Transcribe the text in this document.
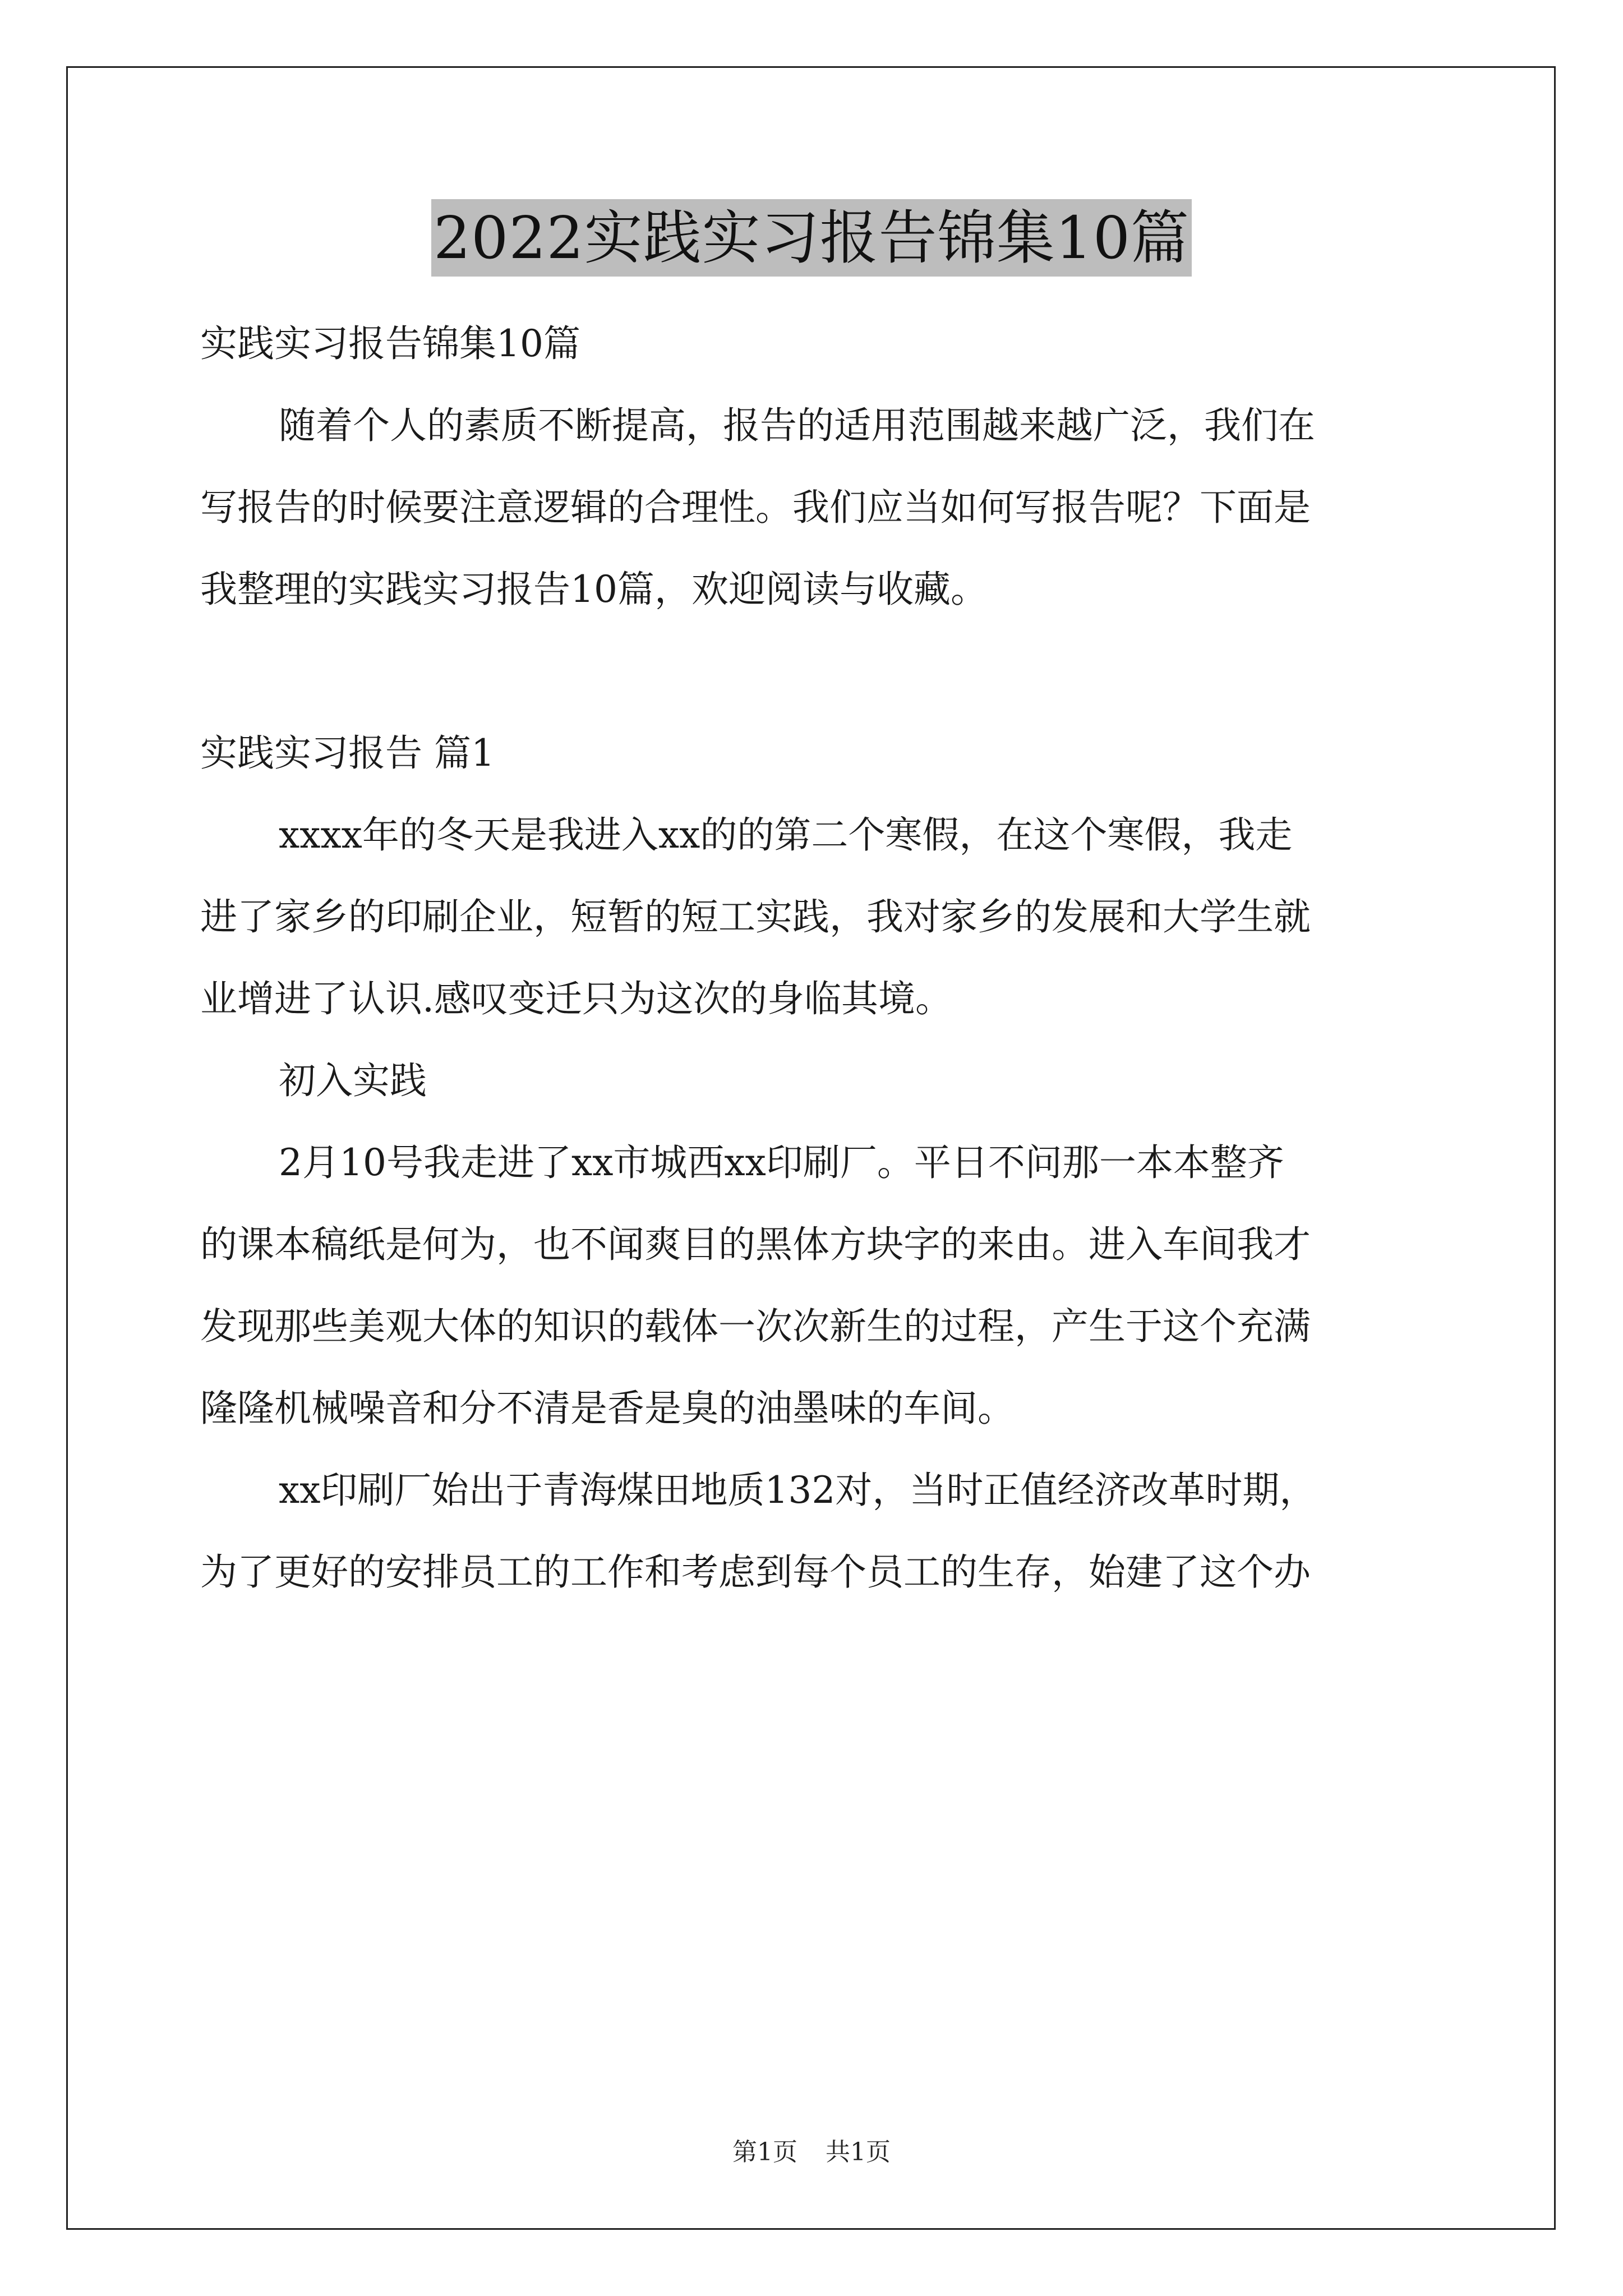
2022实践实习报告锦集10篇
实践实习报告锦集10篇
随着个人的素质不断提高，报告的适用范围越来越广泛，我们在
写报告的时候要注意逻辑的合理性。我们应当如何写报告呢？下面是
我整理的实践实习报告10篇，欢迎阅读与收藏。
实践实习报告 篇1
xxxx年的冬天是我进入xx的的第二个寒假，在这个寒假，我走
进了家乡的印刷企业，短暂的短工实践，我对家乡的发展和大学生就
业增进了认识.感叹变迁只为这次的身临其境。
初入实践
2月10号我走进了xx市城西xx印刷厂。平日不问那一本本整齐
的课本稿纸是何为，也不闻爽目的黑体方块字的来由。进入车间我才
发现那些美观大体的知识的载体一次次新生的过程，产生于这个充满
隆隆机械噪音和分不清是香是臭的油墨味的车间。
xx印刷厂始出于青海煤田地质132对，当时正值经济改革时期，
为了更好的安排员工的工作和考虑到每个员工的生存，始建了这个办
第1页 共1页
